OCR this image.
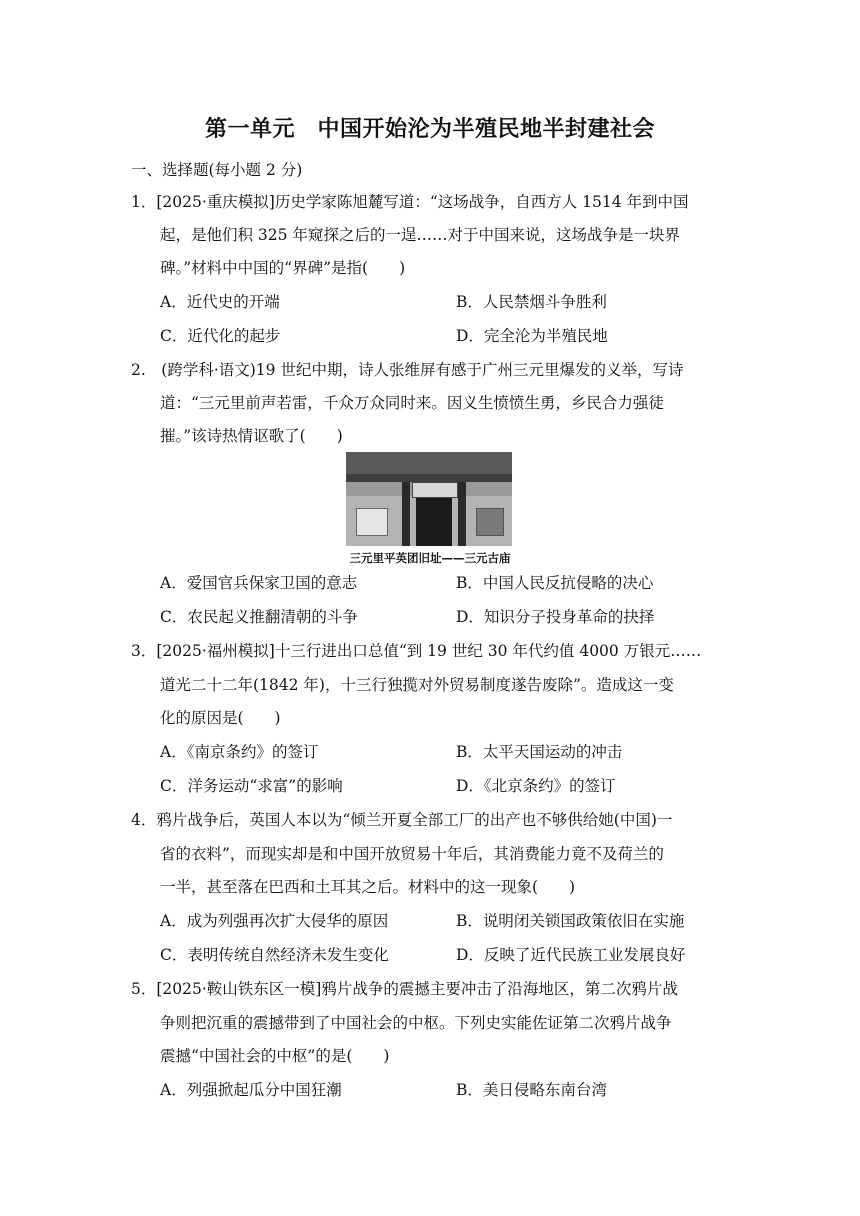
第一单元　中国开始沦为半殖民地半封建社会
一、选择题(每小题 2 分)
1．[2025·重庆模拟]历史学家陈旭麓写道：“这场战争，自西方人 1514 年到中国
起，是他们积 325 年窥探之后的一逞……对于中国来说，这场战争是一块界
碑。”材料中中国的“界碑”是指(　　)
A．近代史的开端	B．人民禁烟斗争胜利
C．近代化的起步	D．完全沦为半殖民地
2.　(跨学科·语文)19 世纪中期，诗人张维屏有感于广州三元里爆发的义举，写诗
道：“三元里前声若雷，千众万众同时来。因义生愤愤生勇，乡民合力强徒
摧。”该诗热情讴歌了(　　)
三元里平英团旧址——三元古庙
A．爱国官兵保家卫国的意志	B．中国人民反抗侵略的决心
C．农民起义推翻清朝的斗争	D．知识分子投身革命的抉择
3．[2025·福州模拟]十三行进出口总值“到 19 世纪 30 年代约值 4000 万银元……
道光二十二年(1842 年)，十三行独揽对外贸易制度遂告废除”。造成这一变
化的原因是(　　)
A．《南京条约》的签订	B．太平天国运动的冲击
C．洋务运动“求富”的影响	D．《北京条约》的签订
4．鸦片战争后，英国人本以为“倾兰开夏全部工厂的出产也不够供给她(中国)一
省的衣料”，而现实却是和中国开放贸易十年后，其消费能力竟不及荷兰的
一半，甚至落在巴西和土耳其之后。材料中的这一现象(　　)
A．成为列强再次扩大侵华的原因	B．说明闭关锁国政策依旧在实施
C．表明传统自然经济未发生变化	D．反映了近代民族工业发展良好
5．[2025·鞍山铁东区一模]鸦片战争的震撼主要冲击了沿海地区，第二次鸦片战
争则把沉重的震撼带到了中国社会的中枢。下列史实能佐证第二次鸦片战争
震撼“中国社会的中枢”的是(　　)
A．列强掀起瓜分中国狂潮	B．美日侵略东南台湾
